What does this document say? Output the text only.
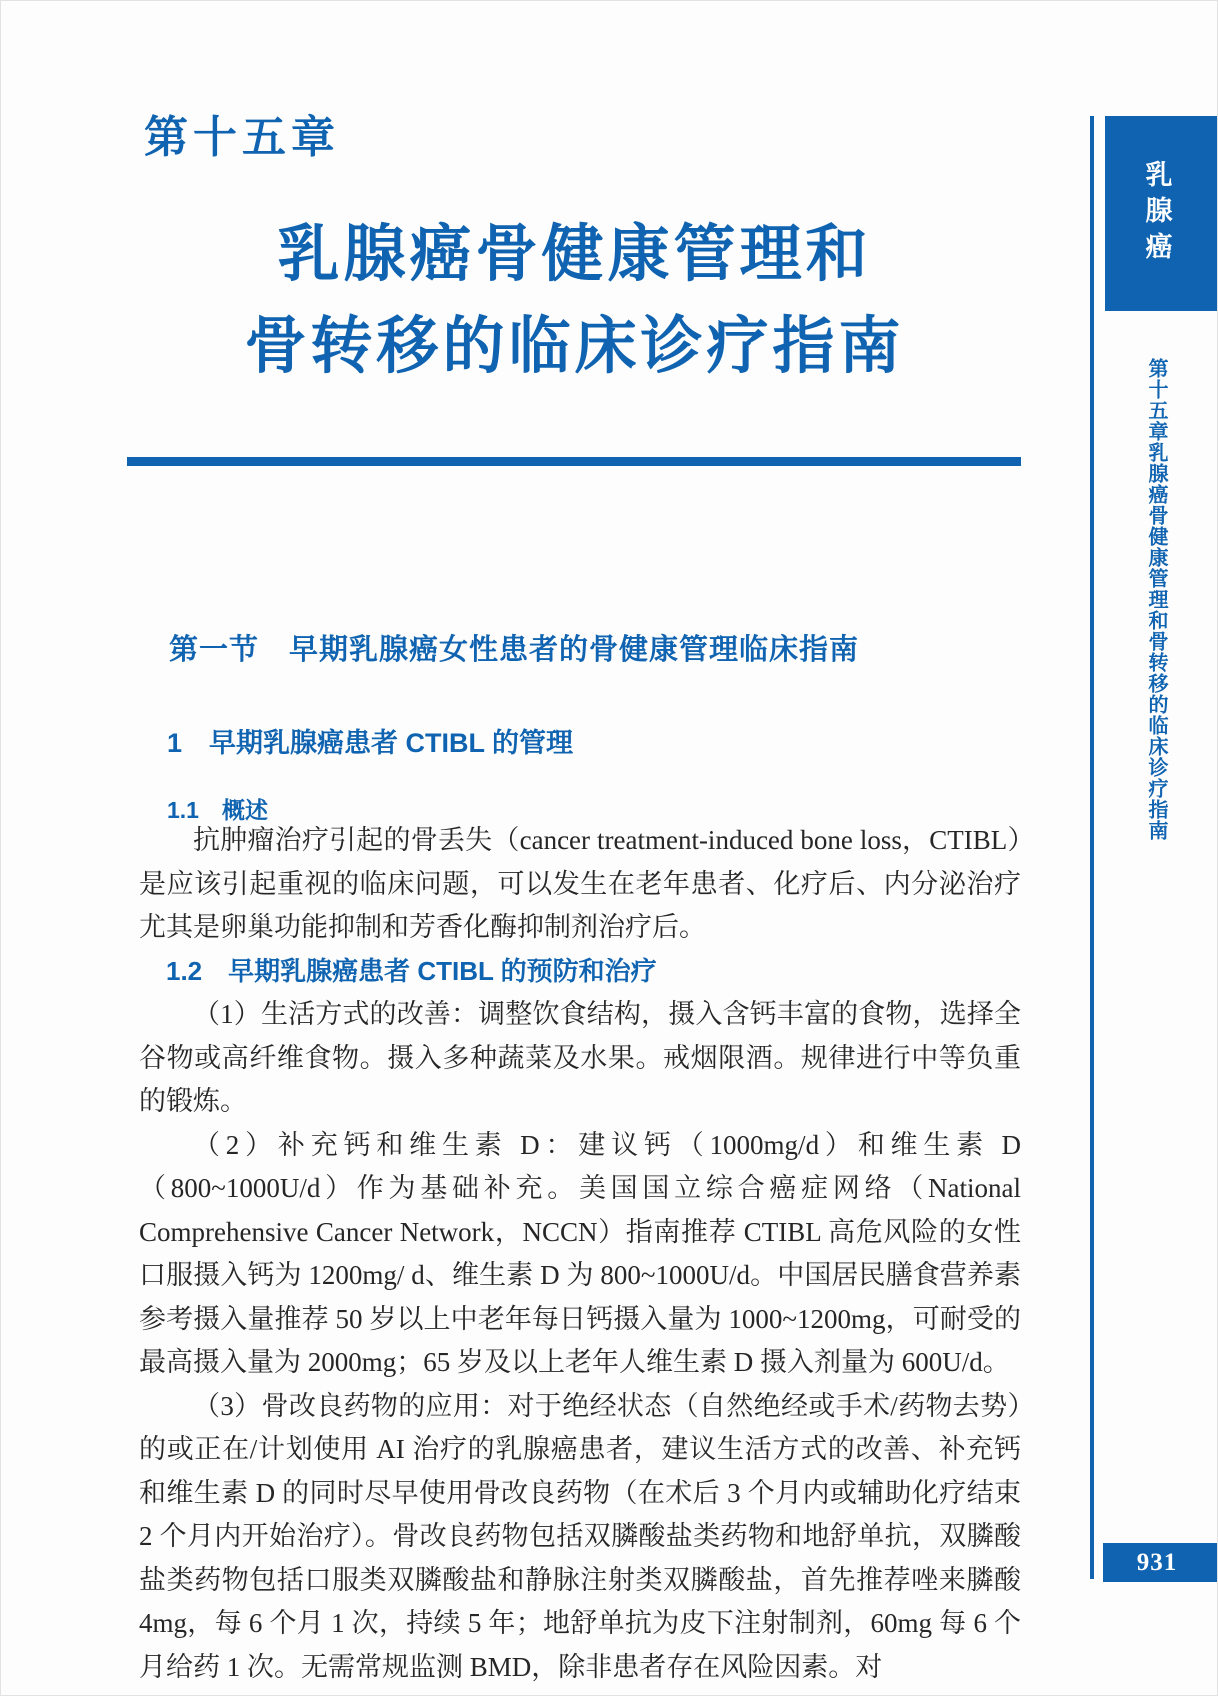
第十五章
乳腺癌骨健康管理和
骨转移的临床诊疗指南
第一节　早期乳腺癌女性患者的骨健康管理临床指南
1　早期乳腺癌患者 CTIBL 的管理
1.1　概述

抗肿瘤治疗引起的骨丢失（cancer treatment-induced bone loss，CTIBL）是应该引起重视的临床问题，可以发生在老年患者、化疗后、内分泌治疗尤其是卵巢功能抑制和芳香化酶抑制剂治疗后。

1.2　早期乳腺癌患者 CTIBL 的预防和治疗

（1）生活方式的改善：调整饮食结构，摄入含钙丰富的食物，选择全谷物或高纤维食物。摄入多种蔬菜及水果。戒烟限酒。规律进行中等负重的锻炼。

（2）补充钙和维生素 D：建议钙（1000mg/d）和维生素 D（800~1000U/d）作为基础补充。美国国立综合癌症网络（National Comprehensive Cancer Network，NCCN）指南推荐 CTIBL 高危风险的女性口服摄入钙为 1200mg/ d、维生素 D 为 800~1000U/d。中国居民膳食营养素参考摄入量推荐 50 岁以上中老年每日钙摄入量为 1000~1200mg，可耐受的最高摄入量为 2000mg；65 岁及以上老年人维生素 D 摄入剂量为 600U/d。

（3）骨改良药物的应用：对于绝经状态（自然绝经或手术/药物去势）的或正在/计划使用 AI 治疗的乳腺癌患者，建议生活方式的改善、补充钙和维生素 D 的同时尽早使用骨改良药物（在术后 3 个月内或辅助化疗结束 2 个月内开始治疗）。骨改良药物包括双膦酸盐类药物和地舒单抗，双膦酸盐类药物包括口服类双膦酸盐和静脉注射类双膦酸盐，首先推荐唑来膦酸 4mg，每 6 个月 1 次，持续 5 年；地舒单抗为皮下注射制剂，60mg 每 6 个月给药 1 次。无需常规监测 BMD，除非患者存在风险因素。对

乳腺癌
第十五章乳腺癌骨健康管理和骨转移的临床诊疗指南
931
